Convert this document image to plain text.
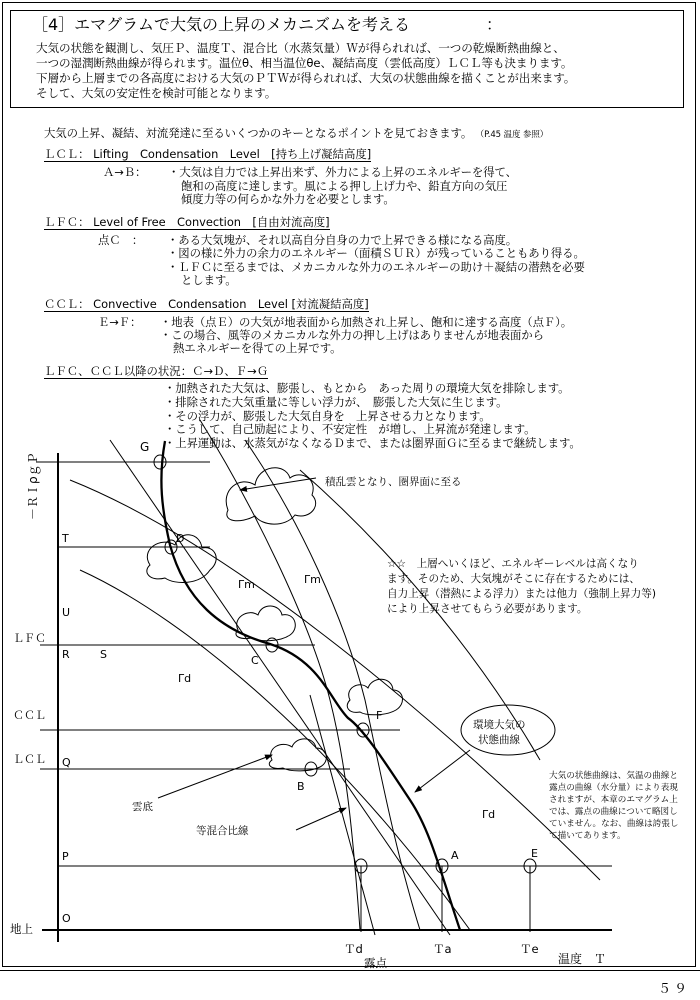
［4］エマグラムで大気の上昇のメカニズムを考える	：
大気の状態を観測し、気圧Ｐ、温度Ｔ、混合比（水蒸気量）Ｗが得られれば、一つの乾燥断熱曲線と、
一つの湿潤断熱曲線が得られます。温位θ、相当温位θe、凝結高度（雲低高度）ＬＣＬ等も決まります。
下層から上層までの各高度における大気のＰＴＷが得られれば、大気の状態曲線を描くことが出来ます。
そして、大気の安定性を検討可能となります。
大気の上昇、凝結、対流発達に至るいくつかのキーとなるポイントを見ておきます。 （P.45 温度 参照）
ＬＣＬ： Lifting　Condensation　Level　[持ち上げ凝結高度]
Ａ→Ｂ： ・大気は自力では上昇出来ず、外力による上昇のエネルギーを得て、
飽和の高度に達します。風による押し上げ力や、鉛直方向の気圧
傾度力等の何らかな外力を必要とします。
ＬＦＣ： Level of Free　Convection　[自由対流高度]
点Ｃ　： ・ある大気塊が、それ以高自分自身の力で上昇できる様になる高度。
・図の様に外力の余力のエネルギー（面積ＳＵＲ）が残っていることもあり得る。
・ＬＦＣに至るまでは、メカニカルな外力のエネルギーの助け＋凝結の潜熱を必要
とします。
ＣＣＬ： Convective　Condensation　Level [対流凝結高度]
Ｅ→Ｆ： ・地表（点Ｅ）の大気が地表面から加熱され上昇し、飽和に達する高度（点Ｆ）。
・この場合、風等のメカニカルな外力の押し上げはありませんが地表面から
熱エネルギーを得ての上昇です。
ＬＦＣ、ＣＣＬ以降の状況：Ｃ→Ｄ、Ｆ→Ｇ
・加熱された大気は、膨張し、もとから　あった周りの環境大気を排除します。
・排除された大気重量に等しい浮力が、　膨張した大気に生じます。
・その浮力が、膨張した大気自身を　上昇させる力となります。
・こうして、自己励起により、不安定性　が増し、上昇流が発達します。
・上昇運動は、水蒸気がなくなるＤまで、または圏界面Ｇに至るまで継続します。
－ＲＩρｇＰ
G
T	D
U
R	S	C
F
Q
B
P	A	E
O
ＬＦＣ
ＣＣＬ
ＬＣＬ
地上
Γm	Γm
Γd
Γd
積乱雲となり、圏界面に至る
雲底
等混合比線
環境大気の
状態曲線
Ｔd	Ｔa	Ｔe
露点	温度　Ｔ
☆☆　上層へいくほど、エネルギーレベルは高くなり
ます。そのため、大気塊がそこに存在するためには、
自力上昇（潜熱による浮力）または他力（強制上昇力等)
により上昇させてもらう必要があります。
大気の状態曲線は、気温の曲線と
露点の曲線（水分量）により表現
されますが、本章のエマグラム上
では、露点の曲線について略図し
ていません。なお、曲線は誇張し
て描いてあります。
５９
